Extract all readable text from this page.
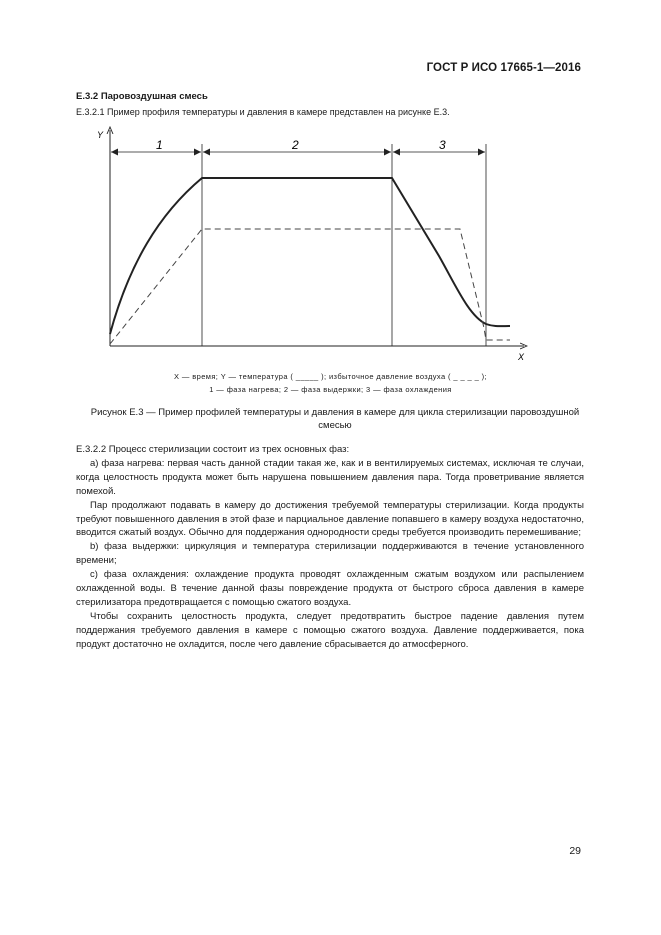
ГОСТ Р ИСО 17665-1—2016
Е.3.2 Паровоздушная смесь
Е.3.2.1 Пример профиля температуры и давления в камере представлен на рисунке Е.3.
Y
X
1	2	3
X — время; Y — температура ( _____ ); избыточное давление воздуха ( _ _ _ _ );
1 — фаза нагрева; 2 — фаза выдержки; 3 — фаза охлаждения
Рисунок Е.3 — Пример профилей температуры и давления в камере для цикла стерилизации паровоздушной смесью

Е.3.2.2 Процесс стерилизации состоит из трех основных фаз:

а) фаза нагрева: первая часть данной стадии такая же, как и в вентилируемых системах, исключая те случаи, когда целостность продукта может быть нарушена повышением давления пара. Тогда проветривание является помехой.

Пар продолжают подавать в камеру до достижения требуемой температуры стерилизации. Когда продукты требуют повышенного давления в этой фазе и парциальное давление попавшего в камеру воздуха недостаточно, вводится сжатый воздух. Обычно для поддержания однородности среды требуется производить перемешивание;

b) фаза выдержки: циркуляция и температура стерилизации поддерживаются в течение установленного времени;

c) фаза охлаждения: охлаждение продукта проводят охлажденным сжатым воздухом или распылением охлажденной воды. В течение данной фазы повреждение продукта от быстрого сброса давления в камере стерилизатора предотвращается с помощью сжатого воздуха.

Чтобы сохранить целостность продукта, следует предотвратить быстрое падение давления путем поддержания требуемого давления в камере с помощью сжатого воздуха. Давление поддерживается, пока продукт достаточно не охладится, после чего давление сбрасывается до атмосферного.

29
